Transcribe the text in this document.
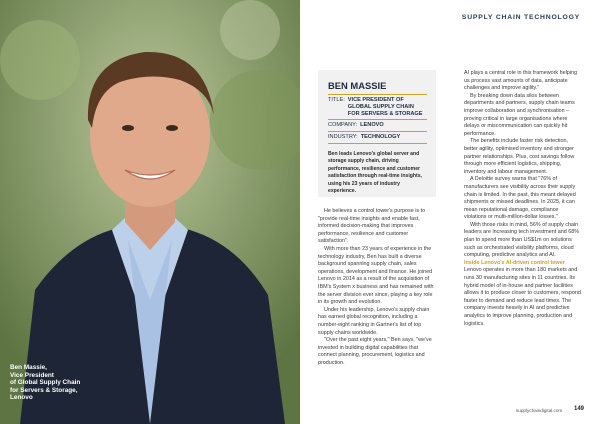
Ben Massie,
Vice President
of Global Supply Chain
for Servers & Storage,
Lenovo
SUPPLY CHAIN TECHNOLOGY
BEN MASSIE
TITLE: VICE PRESIDENT OF GLOBAL SUPPLY CHAIN FOR SERVERS & STORAGE
COMPANY: LENOVO
INDUSTRY: TECHNOLOGY
Ben leads Lenovo's global server and storage supply chain, driving performance, resilience and customer satisfaction through real-time insights, using his 23 years of industry experience.

He believes a control tower's purpose is to "provide real-time insights and enable fast, informed decision-making that improves performance, resilience and customer satisfaction".

With more than 23 years of experience in the technology industry, Ben has built a diverse background spanning supply chain, sales operations, development and finance. He joined Lenovo in 2014 as a result of the acquisition of IBM's System x business and has remained with the server division ever since, playing a key role in its growth and evolution.

Under his leadership, Lenovo's supply chain has earned global recognition, including a number-eight ranking in Gartner's list of top supply chains worldwide.

"Over the past eight years," Ben says, "we've invested in building digital capabilities that connect planning, procurement, logistics and production.

AI plays a central role in this framework helping us process vast amounts of data, anticipate challenges and improve agility."

By breaking down data silos between departments and partners, supply chain teams improve collaboration and synchronisation – proving critical in large organisations where delays or miscommunication can quickly hit performance.

The benefits include faster risk detection, better agility, optimised inventory and stronger partner relationships. Plus, cost savings follow through more efficient logistics, shipping, inventory and labour management.

A Deloitte survey warns that "76% of manufacturers see visibility across their supply chain is limited. In the past, this meant delayed shipments or missed deadlines. In 2025, it can mean reputational damage, compliance violations or multi-million-dollar losses."

With those risks in mind, 56% of supply chain leaders are increasing tech investment and 68% plan to spend more than US$1m on solutions such as orchestrated visibility platforms, cloud computing, predictive analytics and AI.

Inside Lenovo's AI-driven control tower

Lenovo operates in more than 180 markets and runs 30 manufacturing sites in 11 countries. Its hybrid model of in-house and partner facilities allows it to produce closer to customers, respond faster to demand and reduce lead times. The company invests heavily in AI and predictive analytics to improve planning, production and logistics.

supplychaindigital.com 149
